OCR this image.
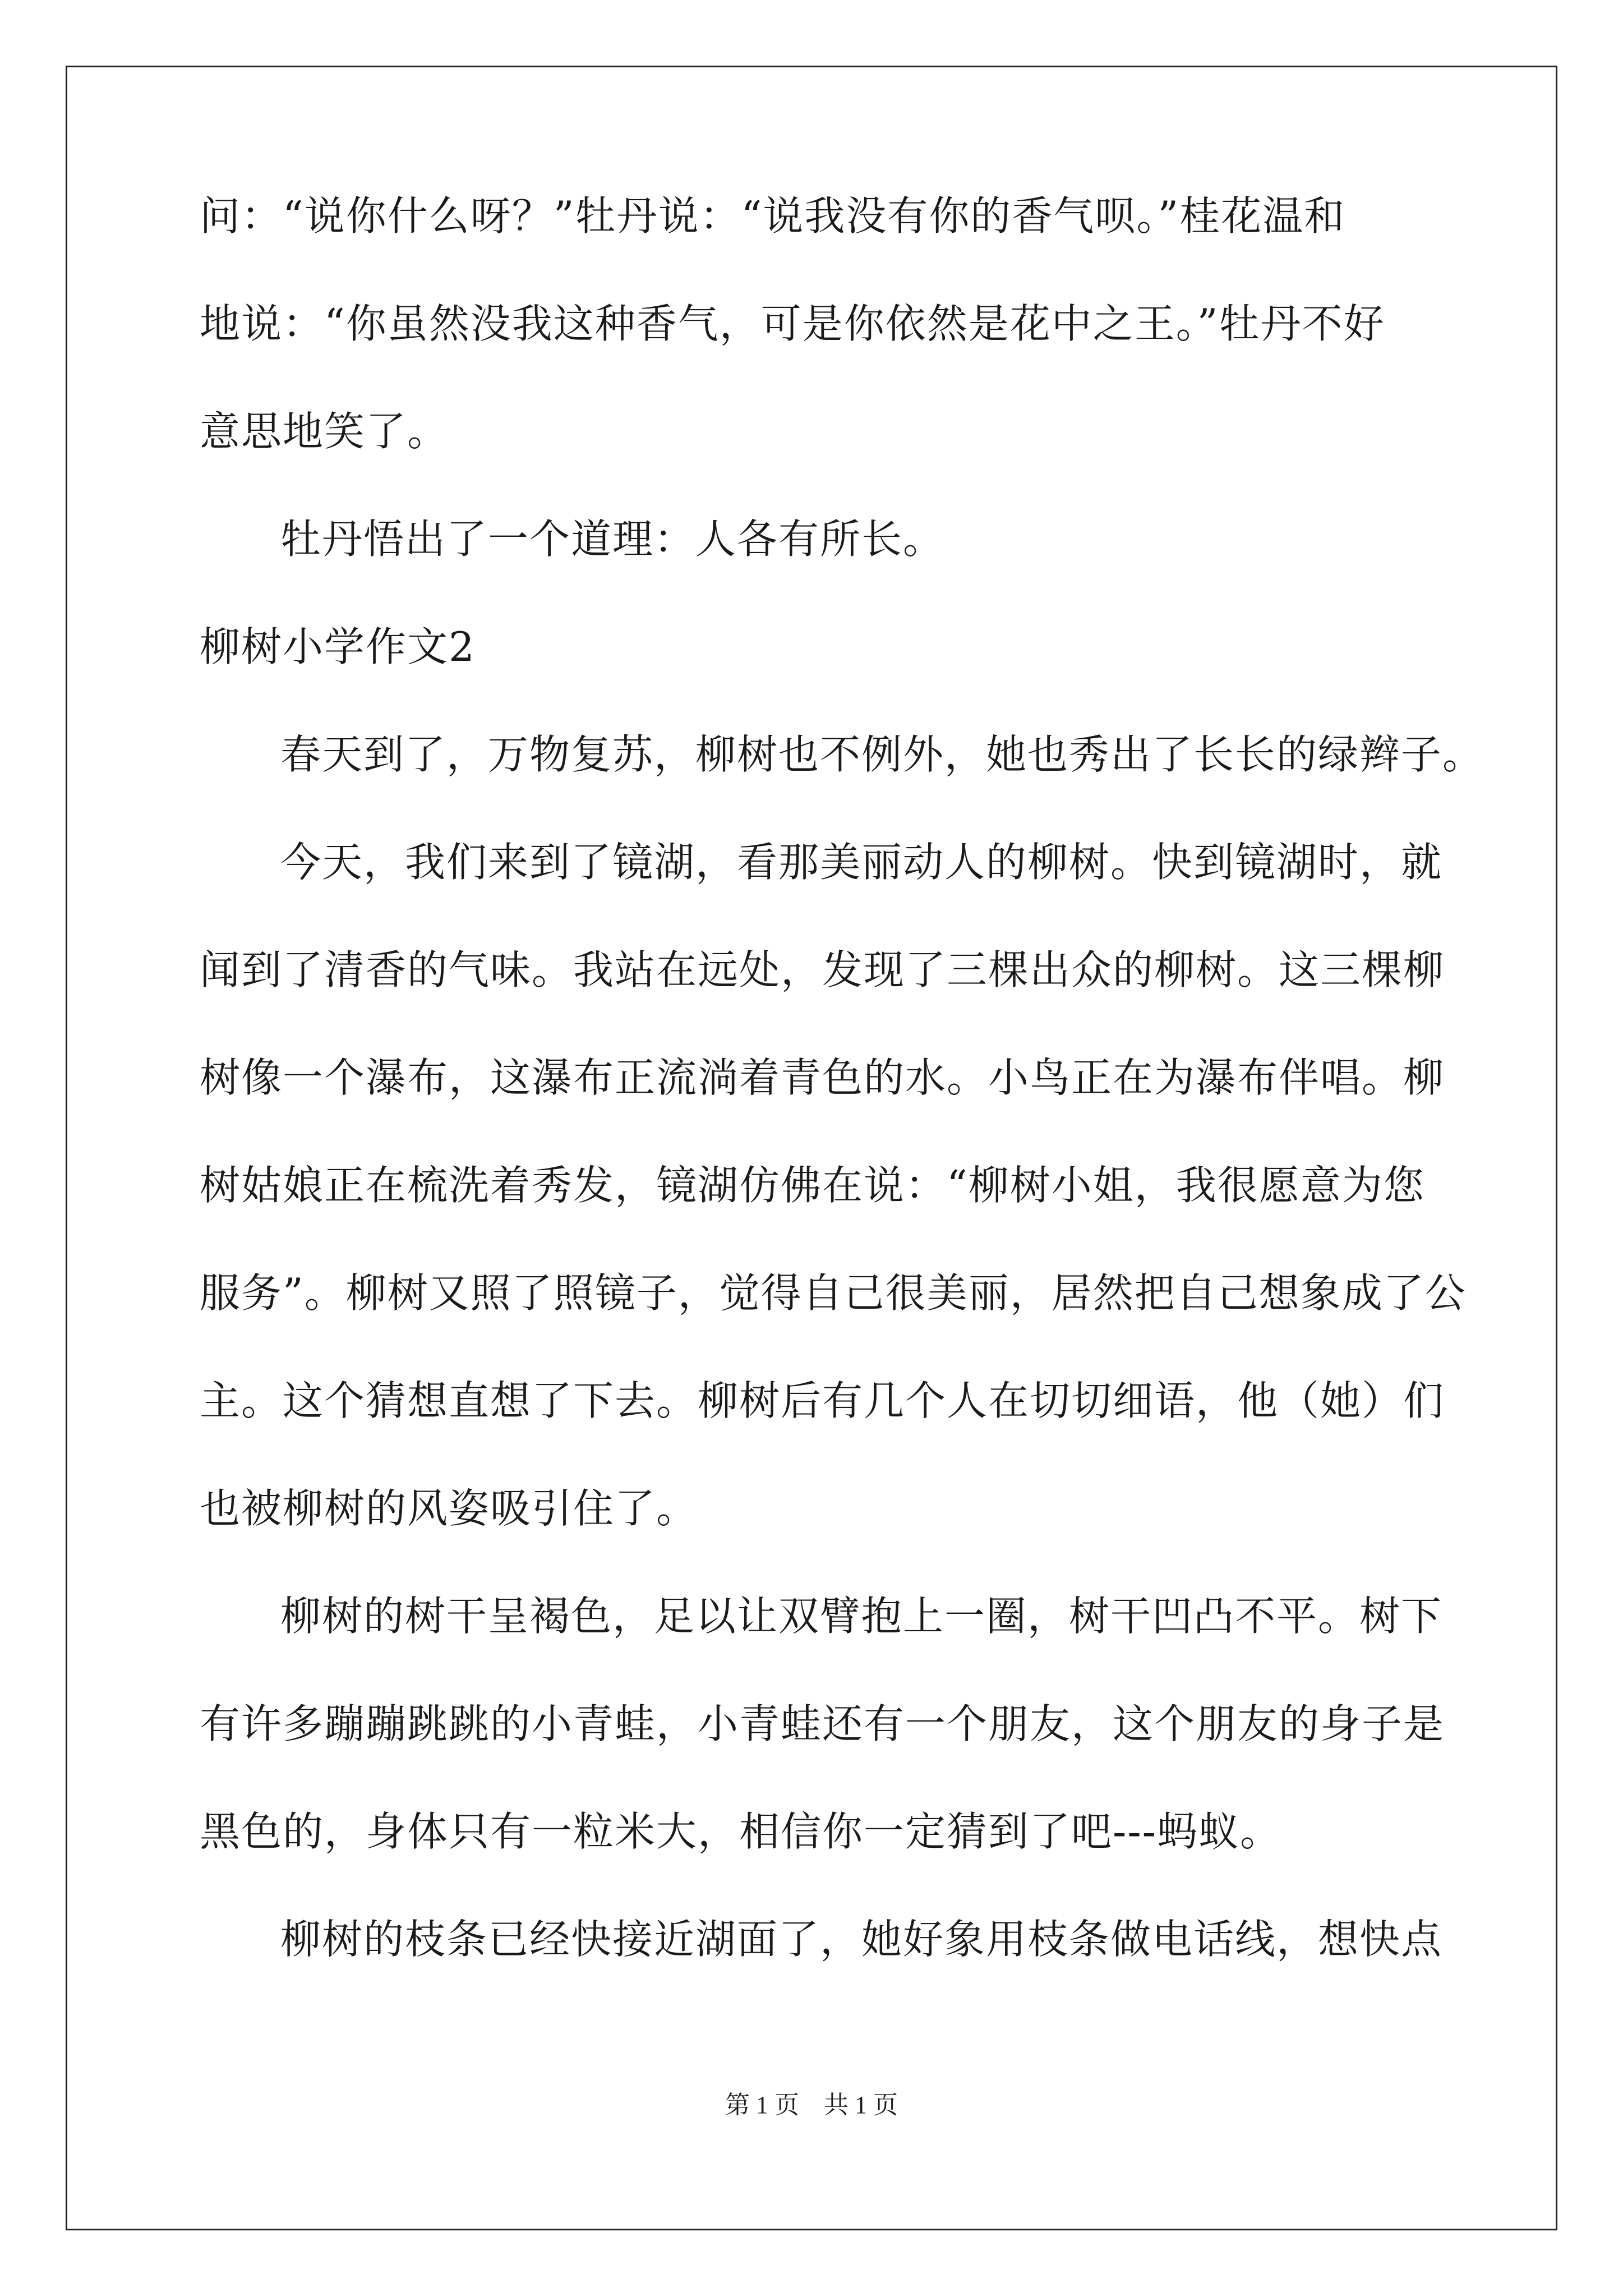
问：“说你什么呀？”牡丹说：“说我没有你的香气呗。”桂花温和
地说：“你虽然没我这种香气，可是你依然是花中之王。”牡丹不好
意思地笑了。
牡丹悟出了一个道理：人各有所长。
柳树小学作文2
春天到了，万物复苏，柳树也不例外，她也秀出了长长的绿辫子。
今天，我们来到了镜湖，看那美丽动人的柳树。快到镜湖时，就
闻到了清香的气味。我站在远处，发现了三棵出众的柳树。这三棵柳
树像一个瀑布，这瀑布正流淌着青色的水。小鸟正在为瀑布伴唱。柳
树姑娘正在梳洗着秀发，镜湖仿佛在说：“柳树小姐，我很愿意为您
服务”。柳树又照了照镜子，觉得自己很美丽，居然把自己想象成了公
主。这个猜想直想了下去。柳树后有几个人在切切细语，他（她）们
也被柳树的风姿吸引住了。
柳树的树干呈褐色，足以让双臂抱上一圈，树干凹凸不平。树下
有许多蹦蹦跳跳的小青蛙，小青蛙还有一个朋友，这个朋友的身子是
黑色的，身体只有一粒米大，相信你一定猜到了吧---蚂蚁。
柳树的枝条已经快接近湖面了，她好象用枝条做电话线，想快点
第 1 页　共 1 页
